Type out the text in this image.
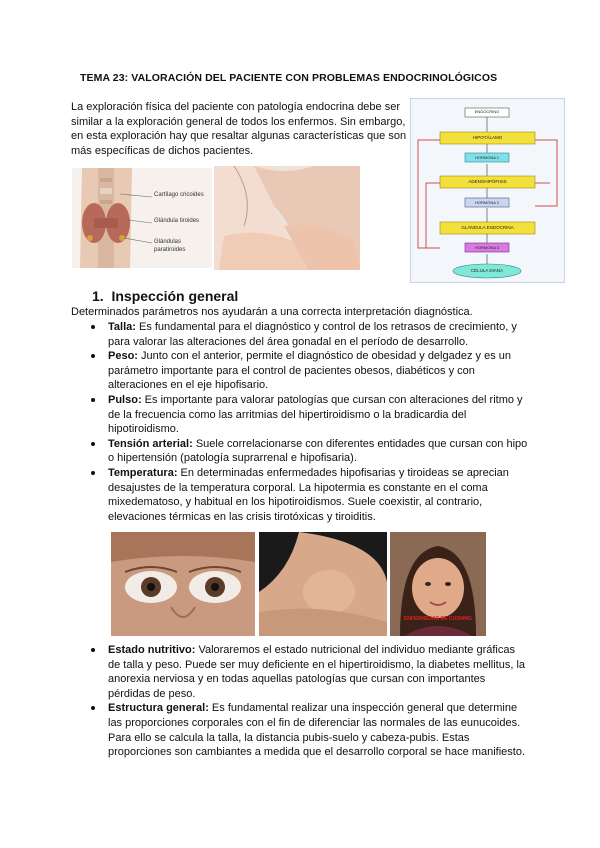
TEMA 23: VALORACIÓN DEL PACIENTE CON PROBLEMAS ENDOCRINOLÓGICOS
La exploración física del paciente con patología endocrina debe ser similar a la exploración general de todos los enfermos. Sin embargo, en esta exploración hay que resaltar algunas características que son más específicas de dichos pacientes.
Cartílago cricoides
Glándula tiroides
Glándulas paratiroides
ENDOCRINO
HIPOTÁLAMO
HORMONA 1
ADENOHIPÓFISIS
HORMONA 2
GLÁNDULA ENDOCRINA
HORMONA 3
CÉLULA DIANA
1. Inspección general
Determinados parámetros nos ayudarán a una correcta interpretación diagnóstica.
Talla: Es fundamental para el diagnóstico y control de los retrasos de crecimiento, y para valorar las alteraciones del área gonadal en el período de desarrollo.
Peso: Junto con el anterior, permite el diagnóstico de obesidad y delgadez y es un parámetro importante para el control de pacientes obesos, diabéticos y con alteraciones en el eje hipofisario.
Pulso: Es importante para valorar patologías que cursan con alteraciones del ritmo y de la frecuencia como las arritmias del hipertiroidismo o la bradicardia del hipotiroidismo.
Tensión arterial: Suele correlacionarse con diferentes entidades que cursan con hipo o hipertensión (patología suprarrenal e hipofisaria).
Temperatura: En determinadas enfermedades hipofisarias y tiroideas se aprecian desajustes de la temperatura corporal. La hipotermia es constante en el coma mixedematoso, y habitual en los hipotiroidismos. Suele coexistir, al contrario, elevaciones térmicas en las crisis tirotóxicas y tiroiditis.
ENFERMEDAD DE CUSHING
Estado nutritivo: Valoraremos el estado nutricional del individuo mediante gráficas de talla y peso. Puede ser muy deficiente en el hipertiroidismo, la diabetes mellitus, la anorexia nerviosa y en todas aquellas patologías que cursan con importantes pérdidas de peso.
Estructura general: Es fundamental realizar una inspección general que determine las proporciones corporales con el fin de diferenciar las normales de las eunucoides. Para ello se calcula la talla, la distancia pubis-suelo y cabeza-pubis. Estas proporciones son cambiantes a medida que el desarrollo corporal se hace manifiesto.
